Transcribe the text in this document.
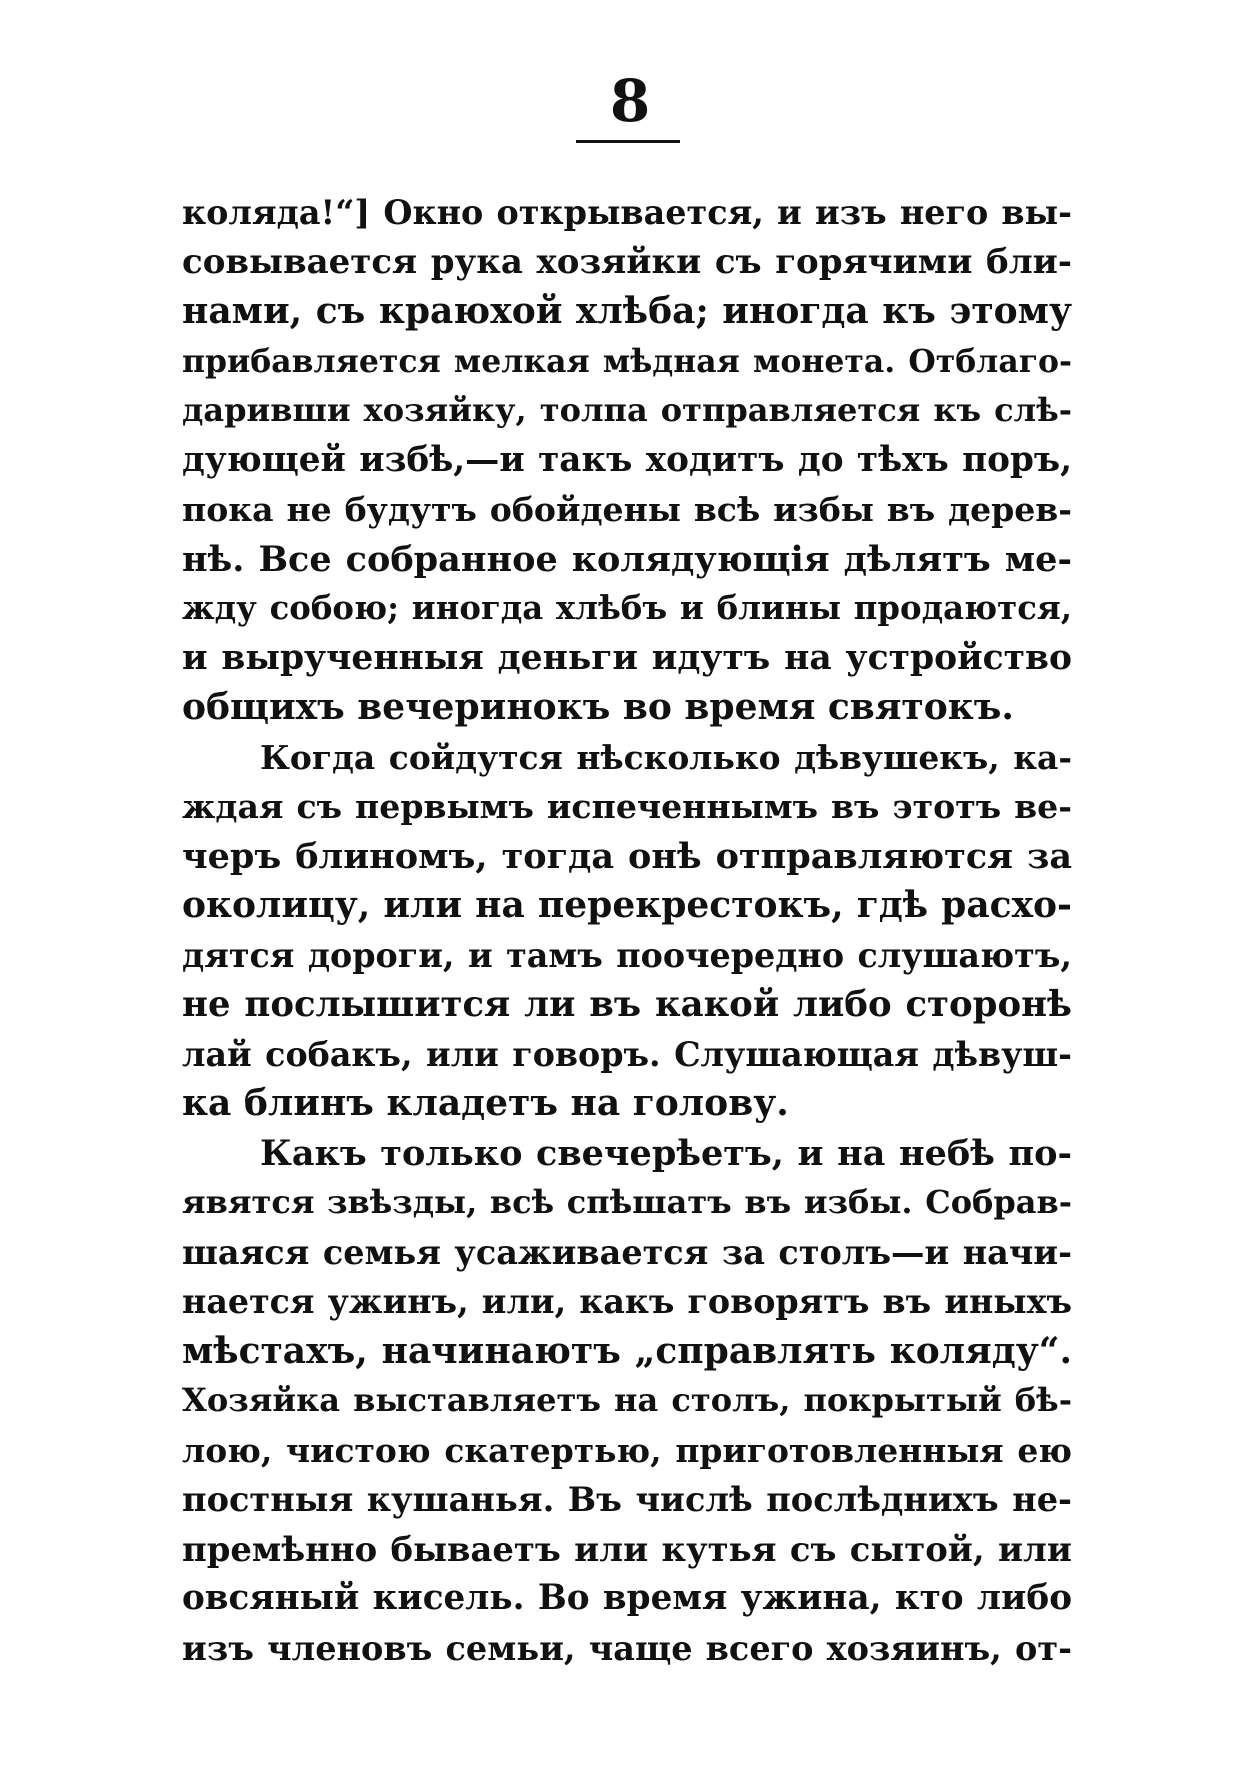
8
коляда!“] Окно открывается, и изъ него вы-
совывается рука хозяйки съ горячими бли-
нами, съ краюхой хлѣба; иногда къ этому
прибавляется мелкая мѣдная монета. Отблаго-
даривши хозяйку, толпа отправляется къ слѣ-
дующей избѣ,—и такъ ходитъ до тѣхъ поръ,
пока не будутъ обойдены всѣ избы въ дерев-
нѣ. Все собранное колядующія дѣлятъ ме-
жду собою; иногда хлѣбъ и блины продаются,
и вырученныя деньги идутъ на устройство
общихъ вечеринокъ во время святокъ.
Когда сойдутся нѣсколько дѣвушекъ, ка-
ждая съ первымъ испеченнымъ въ этотъ ве-
черъ блиномъ, тогда онѣ отправляются за
околицу, или на перекрестокъ, гдѣ расхо-
дятся дороги, и тамъ поочередно слушаютъ,
не послышится ли въ какой либо сторонѣ
лай собакъ, или говоръ. Слушающая дѣвуш-
ка блинъ кладетъ на голову.
Какъ только свечерѣетъ, и на небѣ по-
явятся звѣзды, всѣ спѣшатъ въ избы. Собрав-
шаяся семья усаживается за столъ—и начи-
нается ужинъ, или, какъ говорятъ въ иныхъ
мѣстахъ, начинаютъ „справлять коляду“.
Хозяйка выставляетъ на столъ, покрытый бѣ-
лою, чистою скатертью, приготовленныя ею
постныя кушанья. Въ числѣ послѣднихъ не-
премѣнно бываетъ или кутья съ сытой, или
овсяный кисель. Во время ужина, кто либо
изъ членовъ семьи, чаще всего хозяинъ, от-
